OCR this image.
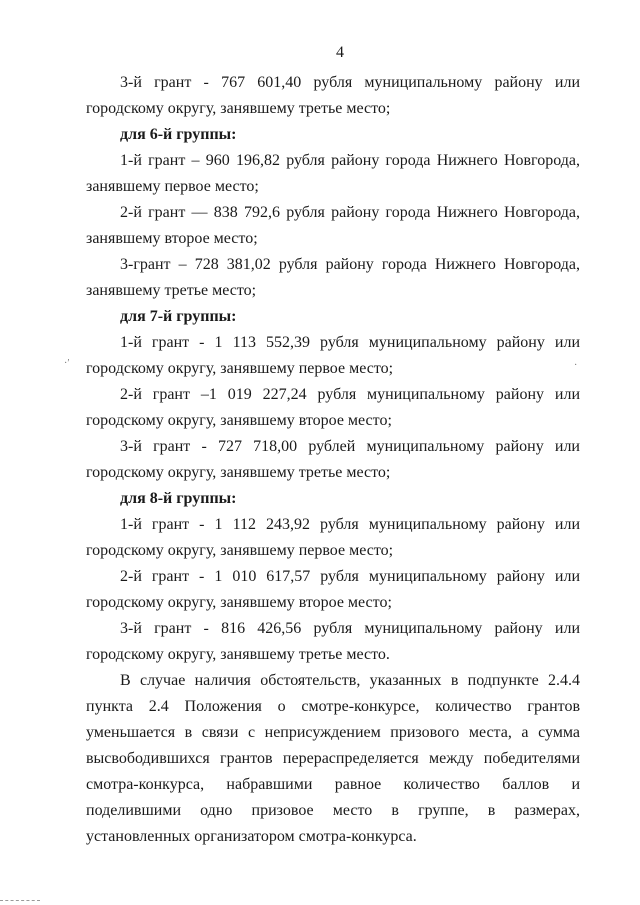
4

3-й грант - 767 601,40 рубля муниципальному району или городскому округу, занявшему третье место;

для 6-й группы:

1-й грант – 960 196,82 рубля району города Нижнего Новгорода, занявшему первое место;

2-й грант — 838 792,6 рубля району города Нижнего Новгорода, занявшему второе место;

3-грант – 728 381,02 рубля району города Нижнего Новгорода, занявшему третье место;

для 7-й группы:

1-й грант - 1 113 552,39 рубля муниципальному району или городскому округу, занявшему первое место;

2-й грант –1 019 227,24 рубля муниципальному району или городскому округу, занявшему второе место;

3-й грант - 727 718,00 рублей муниципальному району или городскому округу, занявшему третье место;

для 8-й группы:

1-й грант - 1 112 243,92 рубля муниципальному району или городскому округу, занявшему первое место;

2-й грант - 1 010 617,57 рубля муниципальному району или городскому округу, занявшему второе место;

3-й грант - 816 426,56 рубля муниципальному району или городскому округу, занявшему третье место.

В случае наличия обстоятельств, указанных в подпункте 2.4.4 пункта 2.4 Положения о смотре-конкурсе, количество грантов уменьшается в связи с неприсуждением призового места, а сумма высвободившихся грантов перераспределяется между победителями смотра-конкурса, набравшими равное количество баллов и поделившими одно призовое место в группе, в размерах, установленных организатором смотра-конкурса.

·′	·
